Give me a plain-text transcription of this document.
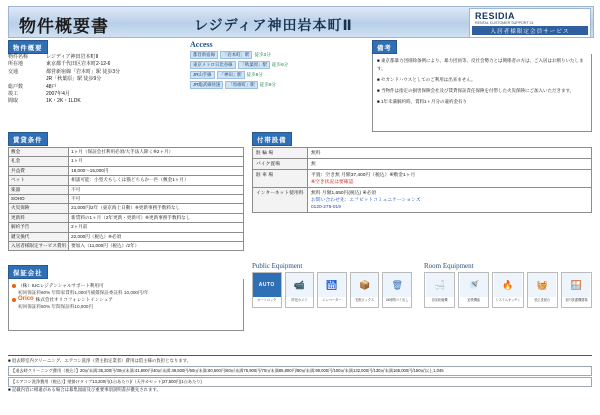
物件概要書	レジディア神田岩本町Ⅱ
RESIDIA
RENTAL CUSTOMER SUPPORT 24
入居者様限定会員サービス
物件概要
物件名称	レジディア神田岩本町Ⅱ
所在地	東京都千代田区岩本町2-12-6
交通	都営新宿線「岩本町」駅 徒歩3分
JR「秋葉原」駅 徒歩9分
総戸数	48戸
竣工	2007年4月
間取	1K・2K・1LDK
賃貸条件
敷金	1ヶ月（保証会社利用必須/大手法人除く※2ヶ月）
礼金	1ヶ月
共益費	16,000～15,000円
ペット	相談可能：小型犬もしくは猫どちらか一匹（敷金1ヶ月）
楽器	不可
SOHO	不可
火災保険	21,000円/2年（東京海上日動）※更新事務手数料なし
更新料	新賃料の1ヶ月（2年更新・更新可）※更新事務手数料なし
解約予告	2ヶ月前
鍵交換代	22,000円（税込）※必須
入居者様限定サービス費用	要加入（11,000円（税込）/2年）
保証会社
（株）IUCレジデンシャルサポート利用可
初回保証料60% 年間家賃料1,000円補償保証委託料 10,000円/年
Orico 株式会社オリコフォレントインシュア
初回保証料50% 年間保証料10,000円
Access
都営新宿線 「岩本町」駅 徒歩3分
東京メトロ日比谷線 「秋葉原」駅 徒歩6分
JR山手線 「神田」駅 徒歩9分
JR総武線快速 「馬喰町」駅 徒歩9分
備考
■ 東京都暴力団排除条例により、暴力団員等、反社会勢力とは関係者の方は、ご入居はお断りいたします。
■ セカンドハウスとしてのご利用は出来ません。
■ 当物件は指定の損害保険会社及び賃貸保証責任保険を付帯した火災保険にご加入いただきます。
■ 1年未満解約時、賃料1ヶ月分の違約金有り
付帯設備
駐 輪 場	無料

バイク置場	無

駐 車 場	平置：空き無 月額37,400円（税込）※敷金1ヶ月
※空き状況は要確認

インターネット使用料	無料 月額1,650円(税込) ※必須
お問い合わせ先：エフビットコミュニケーションズ
0120-275-019
Public Equipment
AUTO
オートロック
📹
防犯カメラ
🛗
エレベーター
📦
宅配ボックス
🗑
24時間ゴミ出し
Room Equipment
🛁
浴室乾燥機
🚿
追焚機能
🔥
システムキッチン
🧺
独立洗面台
🪟
室内洗濯機置場
■ 退去時室内クリーニング、エアコン洗浄（貸主指定業者）費用は借主様の負担となります。
【退去時クリーニング費用（税込）】20㎡未満:35,200円/30㎡未満:41,800円/40㎡未満:49,500円/50㎡未満:60,500円/60㎡未満75,900円/70㎡未満85,800円/80㎡未満:99,000円/100㎡未満132,000円/130㎡未満165,000円/150㎡以上1,045
【エアコン洗浄費用（税込）】壁掛けタイプ13,200円(1台あたり)/（天井カセット)27,500円(1台あたり)
■ 記載内容に相違がある場合は募集図面及び重要事項説明書が優先されます。
